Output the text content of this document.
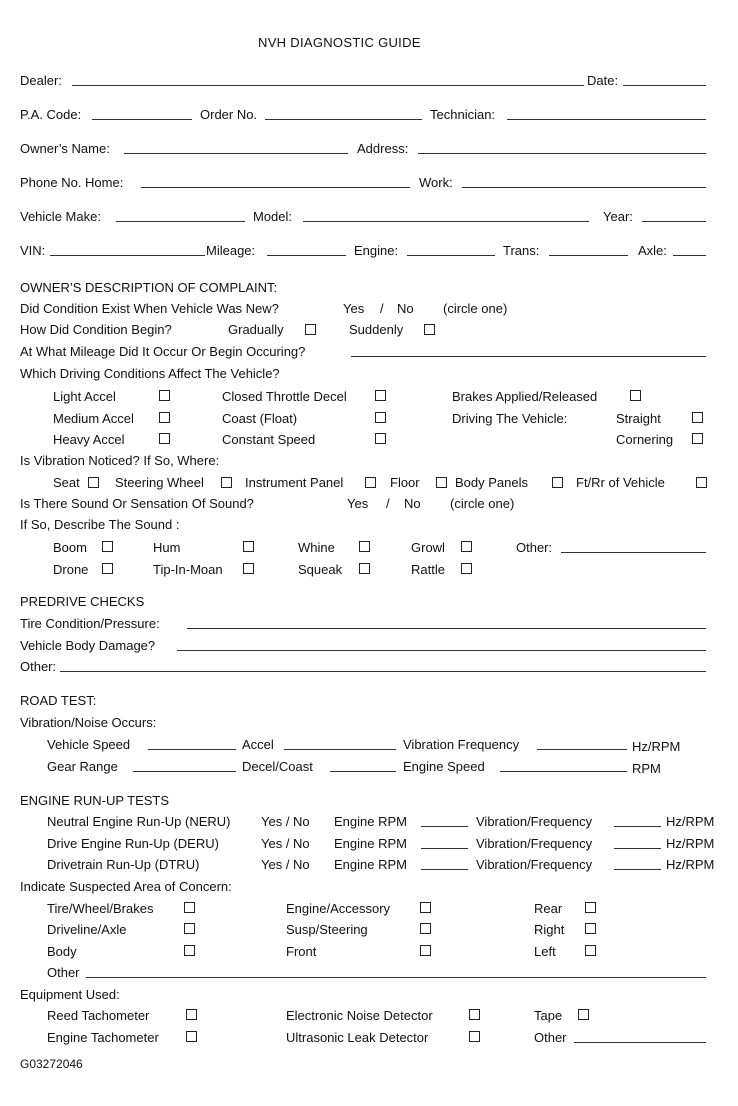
NVH DIAGNOSTIC GUIDE
Dealer:	Date:
P.A. Code:	Order No.	Technician:
Owner’s Name:	Address:
Phone No. Home:	Work:
Vehicle Make:	Model:	Year:
VIN:	Mileage:	Engine:	Trans:	Axle:
OWNER’S DESCRIPTION OF COMPLAINT:
Did Condition Exist When Vehicle Was New?	Yes / No (circle one)
How Did Condition Begin?	Gradually	Suddenly
At What Mileage Did It Occur Or Begin Occuring?
Which Driving Conditions Affect The Vehicle?
Light Accel	Closed Throttle Decel	Brakes Applied/Released
Medium Accel	Coast (Float)	Driving The Vehicle:	Straight
Heavy Accel	Constant Speed	Cornering
Is Vibration Noticed? If So, Where:
Seat	Steering Wheel	Instrument Panel	Floor	Body Panels	Ft/Rr of Vehicle
Is There Sound Or Sensation Of Sound?	Yes / No (circle one)
If So, Describe The Sound :
Boom	Hum	Whine	Growl	Other:
Drone	Tip-In-Moan	Squeak	Rattle
PREDRIVE CHECKS
Tire Condition/Pressure:
Vehicle Body Damage?
Other:
ROAD TEST:
Vibration/Noise Occurs:
Vehicle Speed	Accel	Vibration Frequency	Hz/RPM
Gear Range	Decel/Coast	Engine Speed	RPM
ENGINE RUN-UP TESTS
Neutral Engine Run-Up (NERU) Yes / No Engine RPM	Vibration/Frequency	Hz/RPM
Drive Engine Run-Up (DERU)	Yes / No Engine RPM	Vibration/Frequency	Hz/RPM
Drivetrain Run-Up (DTRU)	Yes / No Engine RPM	Vibration/Frequency	Hz/RPM
Indicate Suspected Area of Concern:
Tire/Wheel/Brakes	Engine/Accessory	Rear
Driveline/Axle	Susp/Steering	Right
Body	Front	Left
Other
Equipment Used:
Reed Tachometer	Electronic Noise Detector	Tape
Engine Tachometer	Ultrasonic Leak Detector	Other
G03272046
